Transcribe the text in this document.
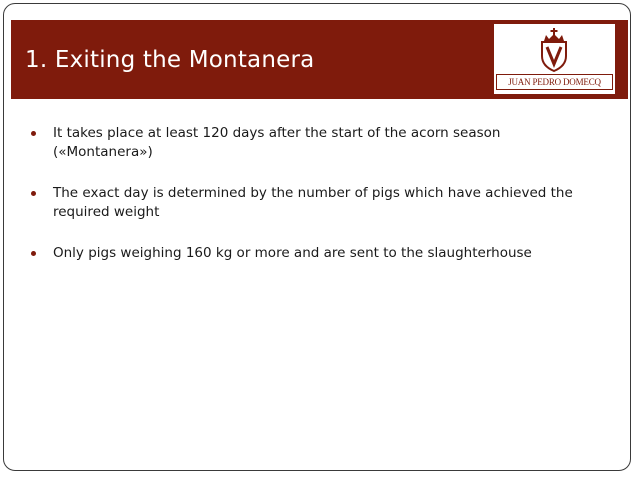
1. Exiting the Montanera
JUAN PEDRO DOMECQ
It takes place at least 120 days after the start of the acorn season («Montanera»)
The exact day is determined by the number of pigs which have achieved the required weight
Only pigs weighing 160 kg or more and are sent to the slaughterhouse
